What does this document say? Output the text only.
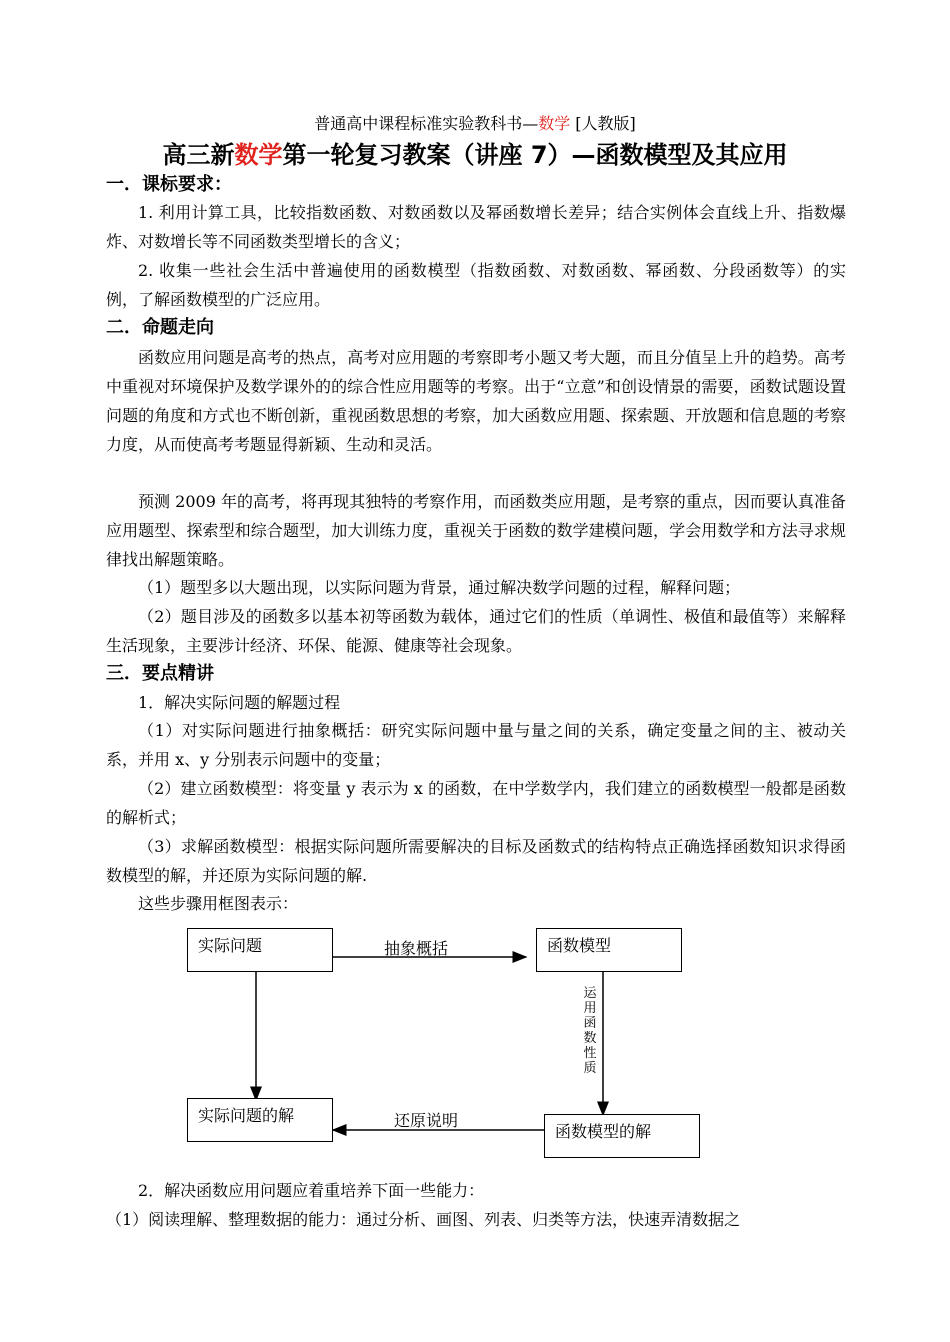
普通高中课程标准实验教科书—数学 [人教版]
高三新数学第一轮复习教案（讲座 7）—函数模型及其应用
一．课标要求：
1. 利用计算工具，比较指数函数、对数函数以及幂函数增长差异；结合实例体会直线上升、指数爆炸、对数增长等不同函数类型增长的含义；
2. 收集一些社会生活中普遍使用的函数模型（指数函数、对数函数、幂函数、分段函数等）的实例，了解函数模型的广泛应用。
二．命题走向
函数应用问题是高考的热点，高考对应用题的考察即考小题又考大题，而且分值呈上升的趋势。高考中重视对环境保护及数学课外的的综合性应用题等的考察。出于“立意”和创设情景的需要，函数试题设置问题的角度和方式也不断创新，重视函数思想的考察，加大函数应用题、探索题、开放题和信息题的考察力度，从而使高考考题显得新颖、生动和灵活。
预测 2009 年的高考，将再现其独特的考察作用，而函数类应用题，是考察的重点，因而要认真准备应用题型、探索型和综合题型，加大训练力度，重视关于函数的数学建模问题，学会用数学和方法寻求规律找出解题策略。
（1）题型多以大题出现，以实际问题为背景，通过解决数学问题的过程，解释问题；
（2）题目涉及的函数多以基本初等函数为载体，通过它们的性质（单调性、极值和最值等）来解释生活现象，主要涉计经济、环保、能源、健康等社会现象。
三．要点精讲
1．解决实际问题的解题过程
（1）对实际问题进行抽象概括：研究实际问题中量与量之间的关系，确定变量之间的主、被动关系，并用 x、y 分别表示问题中的变量；
（2）建立函数模型：将变量 y 表示为 x 的函数，在中学数学内，我们建立的函数模型一般都是函数的解析式；
（3）求解函数模型：根据实际问题所需要解决的目标及函数式的结构特点正确选择函数知识求得函数模型的解，并还原为实际问题的解.
这些步骤用框图表示：
实际问题	函数模型
实际问题的解
函数模型的解
抽象概括
运用函数性质
还原说明
2．解决函数应用问题应着重培养下面一些能力：
（1）阅读理解、整理数据的能力：通过分析、画图、列表、归类等方法，快速弄清数据之
